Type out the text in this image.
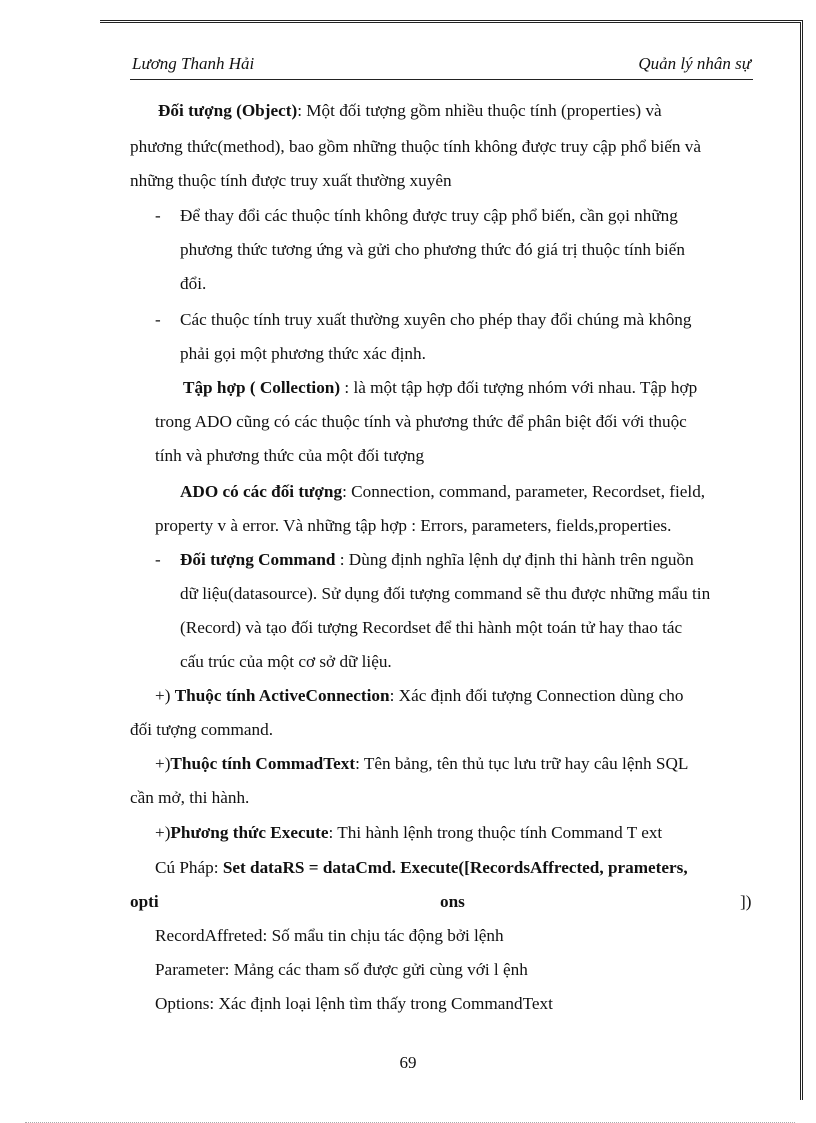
Lương Thanh Hải	Quản lý nhân sự
Đối tượng (Object): Một đối tượng gồm nhiều thuộc tính (properties) và
phương thức(method), bao gồm những thuộc tính không được truy cập phổ biến và
những thuộc tính được truy xuất thường xuyên
- Để thay đổi các thuộc tính không được truy cập phổ biến, cần gọi những
phương thức tương ứng và gửi cho phương thức đó giá trị thuộc tính biến
đổi.
- Các thuộc tính truy xuất thường xuyên cho phép thay đổi chúng mà không
phải gọi một phương thức xác định.
Tập hợp ( Collection) : là một tập hợp đối tượng nhóm với nhau. Tập hợp
trong ADO cũng có các thuộc tính và phương thức để phân biệt đối với thuộc
tính và phương thức của một đối tượng
ADO có các đối tượng: Connection, command, parameter, Recordset, field,
property v à error. Và những tập hợp : Errors, parameters, fields,properties.
- Đối tượng Command : Dùng định nghĩa lệnh dự định thi hành trên nguồn
dữ liệu(datasource). Sử dụng đối tượng command sẽ thu được những mẩu tin
(Record) và tạo đối tượng Recordset để thi hành một toán tử hay thao tác
cấu trúc của một cơ sở dữ liệu.
+) Thuộc tính ActiveConnection: Xác định đối tượng Connection dùng cho
đối tượng command.
+)Thuộc tính CommadText: Tên bảng, tên thủ tục lưu trữ hay câu lệnh SQL
cần mở, thi hành.
+)Phương thức Execute: Thi hành lệnh trong thuộc tính Command T ext
Cú Pháp: Set dataRS = dataCmd. Execute([RecordsAffrected, prameters,
opti	ons	])
RecordAffreted: Số mẩu tin chịu tác động bởi lệnh
Parameter: Mảng các tham số được gửi cùng với l ệnh
Options: Xác định loại lệnh tìm thấy trong CommandText
69
